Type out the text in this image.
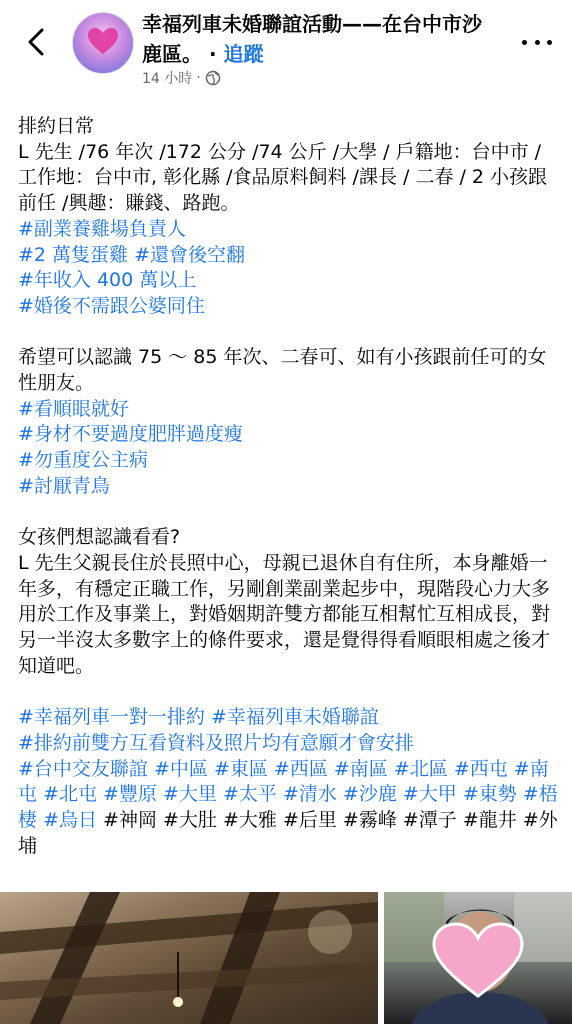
幸福列車未婚聯誼活動——在台中市沙鹿區。 · 追蹤
14 小時 ·

排約日常

L 先生 /76 年次 /172 公分 /74 公斤 /大學 / 戶籍地：台中市 /工作地：台中市, 彰化縣 /食品原料飼料 /課長 / 二春 / 2 小孩跟前任 /興趣：賺錢、路跑。

#副業養雞場負責人

#2 萬隻蛋雞 #還會後空翻

#年收入 400 萬以上

#婚後不需跟公婆同住

希望可以認識 75 ～ 85 年次、二春可、如有小孩跟前任可的女性朋友。

#看順眼就好

#身材不要過度肥胖過度瘦

#勿重度公主病

#討厭青鳥

女孩們想認識看看?

L 先生父親長住於長照中心，母親已退休自有住所，本身離婚一年多，有穩定正職工作，另剛創業副業起步中，現階段心力大多用於工作及事業上，對婚姻期許雙方都能互相幫忙互相成長，對另一半沒太多數字上的條件要求，還是覺得得看順眼相處之後才知道吧。

#幸福列車一對一排約 #幸福列車未婚聯誼

#排約前雙方互看資料及照片均有意願才會安排

#台中交友聯誼 #中區 #東區 #西區 #南區 #北區 #西屯 #南屯 #北屯 #豐原 #大里 #太平 #清水 #沙鹿 #大甲 #東勢 #梧棲 #烏日 #神岡 #大肚 #大雅 #后里 #霧峰 #潭子 #龍井 #外埔
